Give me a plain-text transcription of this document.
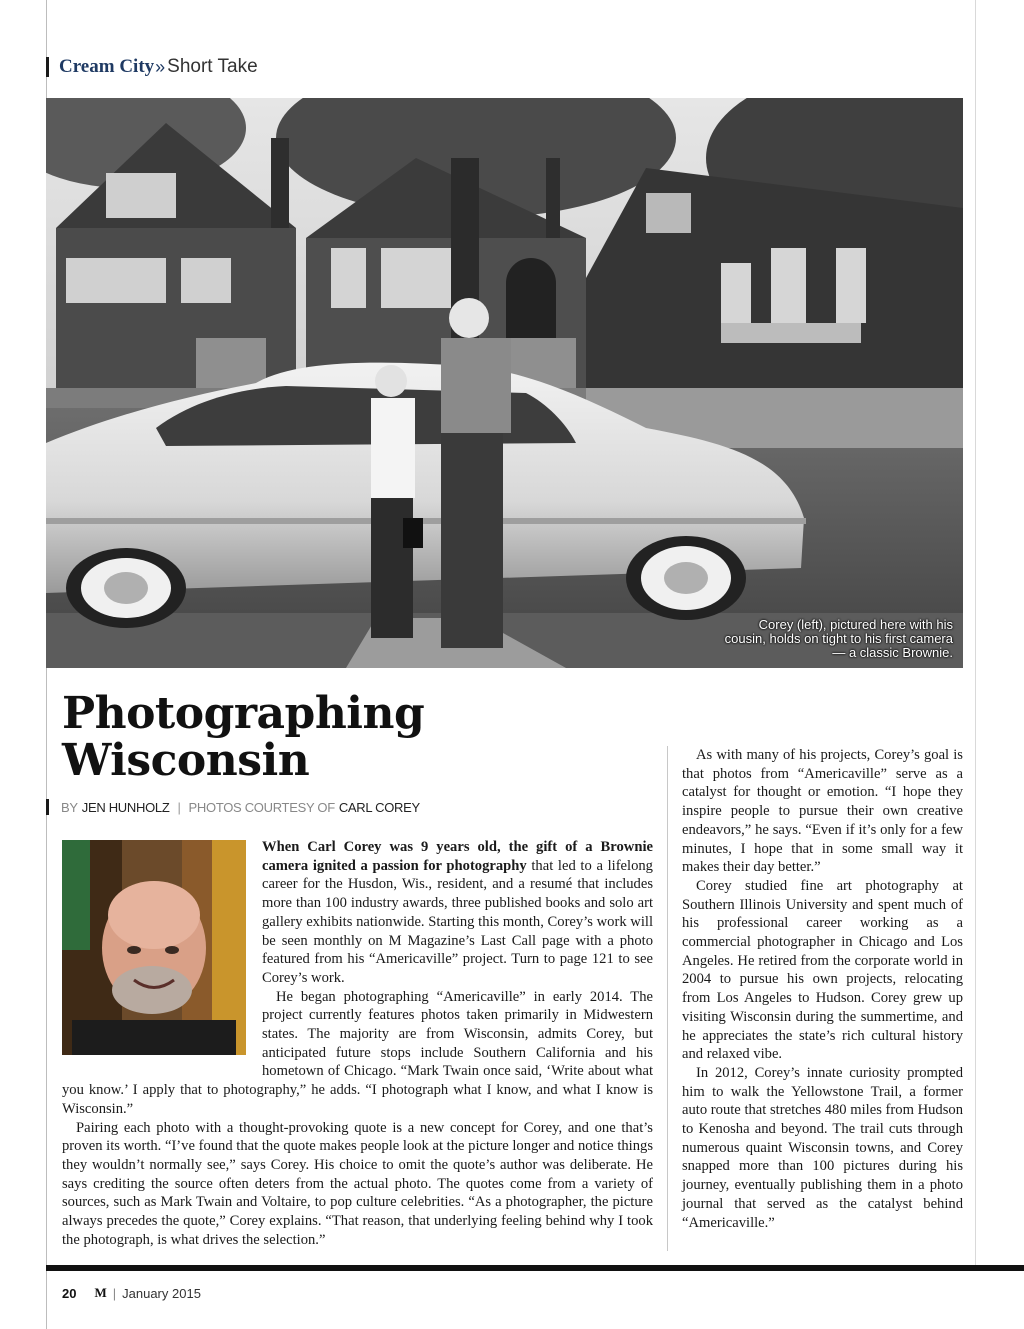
Cream City » Short Take
Corey (left), pictured here with his cousin, holds on tight to his first camera — a classic Brownie.
Photographing Wisconsin
BY JEN HUNHOLZ | PHOTOS COURTESY OF CARL COREY

When Carl Corey was 9 years old, the gift of a Brownie camera ignited a passion for photography that led to a lifelong career for the Husdon, Wis., resident, and a resumé that includes more than 100 industry awards, three published books and solo art gallery exhibits nationwide. Starting this month, Corey’s work will be seen monthly on M Magazine’s Last Call page with a photo featured from his “Americaville” project. Turn to page 121 to see Corey’s work.

He began photographing “Americaville” in early 2014. The project currently features photos taken primarily in Midwestern states. The majority are from Wisconsin, admits Corey, but anticipated future stops include Southern California and his hometown of Chicago. “Mark Twain once said, ‘Write about what you know.’ I apply that to photography,” he adds. “I photograph what I know, and what I know is Wisconsin.”

Pairing each photo with a thought-provoking quote is a new concept for Corey, and one that’s proven its worth. “I’ve found that the quote makes people look at the picture longer and notice things they wouldn’t normally see,” says Corey. His choice to omit the quote’s author was deliberate. He says crediting the source often deters from the actual photo. The quotes come from a variety of sources, such as Mark Twain and Voltaire, to pop culture celebrities. “As a photographer, the picture always precedes the quote,” Corey explains. “That reason, that underlying feeling behind why I took the photograph, is what drives the selection.”

As with many of his projects, Corey’s goal is that photos from “Americaville” serve as a catalyst for thought or emotion. “I hope they inspire people to pursue their own creative endeavors,” he says. “Even if it’s only for a few minutes, I hope that in some small way it makes their day better.”

Corey studied fine art photography at Southern Illinois University and spent much of his professional career working as a commercial photographer in Chicago and Los Angeles. He retired from the corporate world in 2004 to pursue his own projects, relocating from Los Angeles to Hudson. Corey grew up visiting Wisconsin during the summertime, and he appreciates the state’s rich cultural history and relaxed vibe.

In 2012, Corey’s innate curiosity prompted him to walk the Yellowstone Trail, a former auto route that stretches 480 miles from Hudson to Kenosha and beyond. The trail cuts through numerous quaint Wisconsin towns, and Corey snapped more than 100 pictures during his journey, eventually publishing them in a photo journal that served as the catalyst behind “Americaville.”

20 M | January 2015
